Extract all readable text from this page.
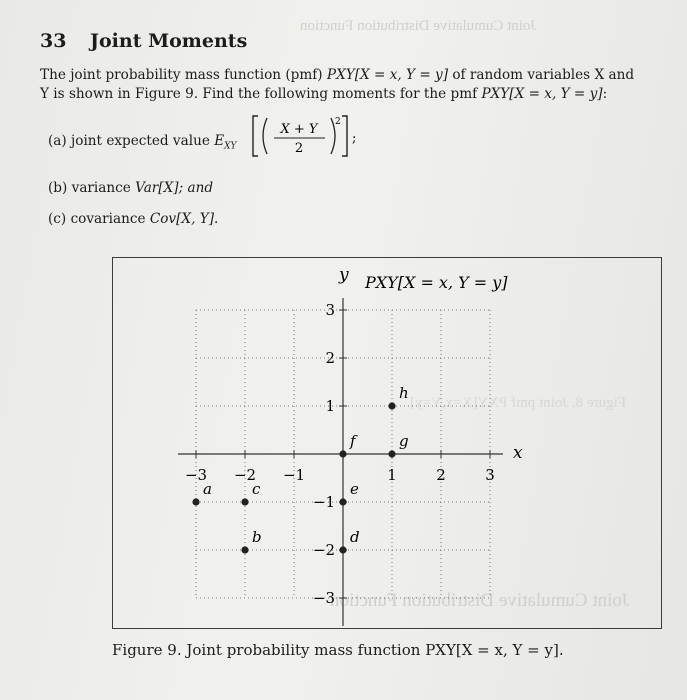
Joint Cumulative Distribution Function
Figure 8. Joint pmf PXY[X=x,Y=y]
Joint Cumulative Distribution Function
33 Joint Moments
The joint probability mass function (pmf) PXY[X = x, Y = y] of random variables X and
Y is shown in Figure 9. Find the following moments for the pmf PXY[X = x, Y = y]:
(a) joint expected value $E_{XY}$
X + Y
2
2
;
(b) variance Var[X]; and
(c) covariance Cov[X, Y].
y PXY[X = x, Y = y]
x
−3 −2 −1	1	2	3
3
2
1
−1
−2
−3
a
b
c
d
e
f	g
h
Figure 9. Joint probability mass function PXY[X = x, Y = y].
